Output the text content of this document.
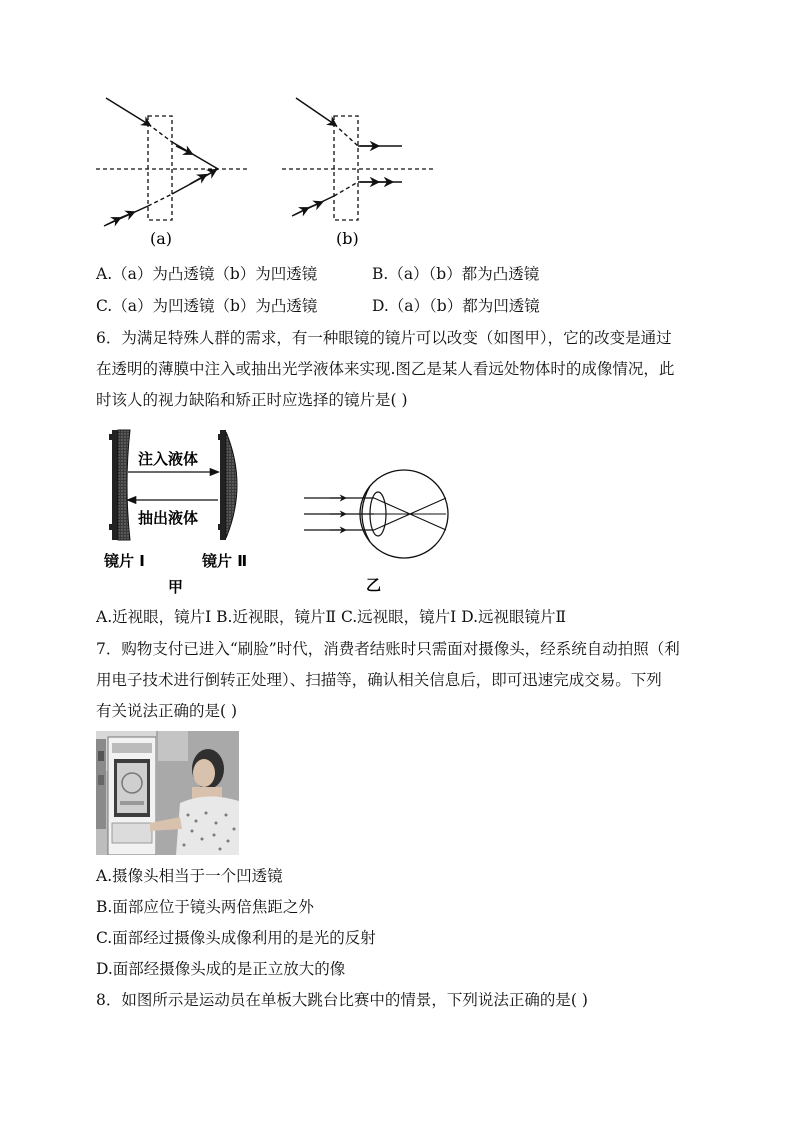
(a)	(b)
A.（a）为凸透镜（b）为凹透镜	B.（a）（b）都为凸透镜
C.（a）为凹透镜（b）为凸透镜	D.（a）（b）都为凹透镜
6．为满足特殊人群的需求，有一种眼镜的镜片可以改变（如图甲），它的改变是通过
在透明的薄膜中注入或抽出光学液体来实现.图乙是某人看远处物体时的成像情况，此
时该人的视力缺陷和矫正时应选择的镜片是( )
注入液体
抽出液体
镜片 Ⅰ	镜片 Ⅱ
甲	乙
A.近视眼，镜片Ⅰ B.近视眼，镜片Ⅱ C.远视眼，镜片Ⅰ D.远视眼镜片Ⅱ
7．购物支付已进入“刷脸”时代，消费者结账时只需面对摄像头，经系统自动拍照（利
用电子技术进行倒转正处理）、扫描等，确认相关信息后，即可迅速完成交易。下列
有关说法正确的是( )
A.摄像头相当于一个凹透镜
B.面部应位于镜头两倍焦距之外
C.面部经过摄像头成像利用的是光的反射
D.面部经摄像头成的是正立放大的像
8．如图所示是运动员在单板大跳台比赛中的情景，下列说法正确的是( )
